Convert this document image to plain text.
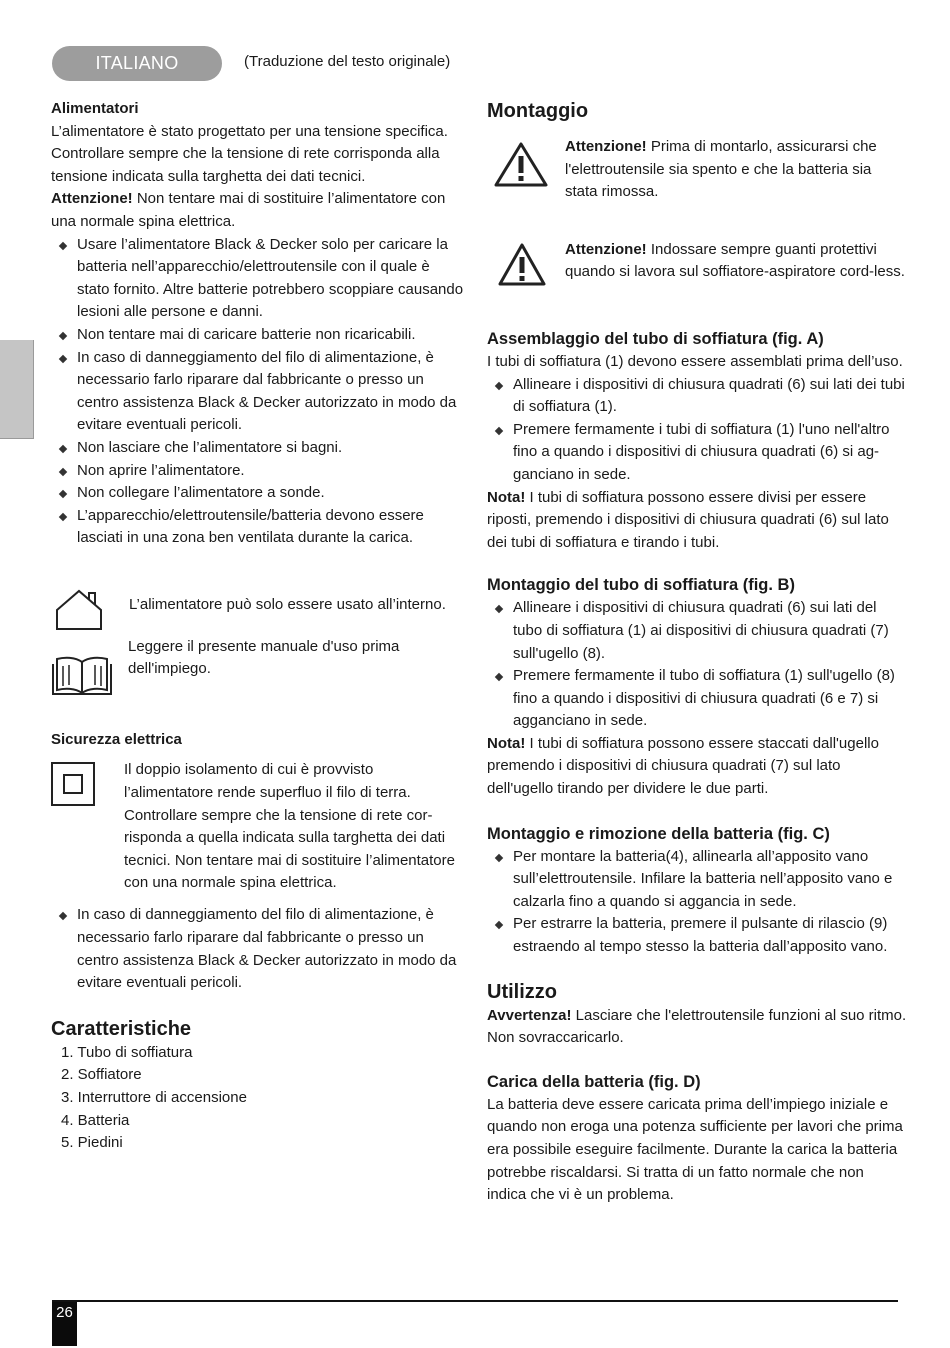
ITALIANO	(Traduzione del testo originale)

Alimentatori

L’alimentatore è stato progettato per una tensione specifica. Controllare sempre che la tensione di rete corrisponda alla tensione indicata sulla targhetta dei dati tecnici.

Attenzione! Non tentare mai di sostituire l’alimentatore con una normale spina elettrica.

Usare l’alimentatore Black & Decker solo per caricare la batteria nell’apparecchio/elettroutensile con il quale è stato fornito. Altre batterie potrebbero scoppiare causando lesioni alle persone e danni.
Non tentare mai di caricare batterie non ricaricabili.
In caso di danneggiamento del filo di alimentazione, è necessario farlo riparare dal fabbricante o presso un centro assistenza Black & Decker autorizzato in modo da evitare eventuali pericoli.
Non lasciare che l’alimentatore si bagni.
Non aprire l’alimentatore.
Non collegare l’alimentatore a sonde.
L’apparecchio/elettroutensile/batteria devono essere lasciati in una zona ben ventilata durante la carica.

L’alimentatore può solo essere usato all’interno.

Leggere il presente manuale d'uso prima dell'impiego.

Sicurezza elettrica

Il doppio isolamento di cui è provvisto l’alimentatore rende superfluo il filo di terra. Controllare sempre che la tensione di rete cor-risponda a quella indicata sulla targhetta dei dati tecnici. Non tentare mai di sostituire l’alimentatore con una normale spina elettrica.

In caso di danneggiamento del filo di alimentazione, è necessario farlo riparare dal fabbricante o presso un centro assistenza Black & Decker autorizzato in modo da evitare eventuali pericoli.

Caratteristiche

1. Tubo di soffiatura
2. Soffiatore
3. Interruttore di accensione
4. Batteria
5. Piedini

Montaggio

Attenzione! Prima di montarlo, assicurarsi che l'elettroutensile sia spento e che la batteria sia stata rimossa.

Attenzione! Indossare sempre guanti protettivi quando si lavora sul soffiatore-aspiratore cord-less.

Assemblaggio del tubo di soffiatura (fig. A)

I tubi di soffiatura (1) devono essere assemblati prima dell’uso.

Allineare i dispositivi di chiusura quadrati (6) sui lati dei tubi di soffiatura (1).
Premere fermamente i tubi di soffiatura (1) l'uno nell'altro fino a quando i dispositivi di chiusura quadrati (6) si ag-ganciano in sede.

Nota! I tubi di soffiatura possono essere divisi per essere riposti, premendo i dispositivi di chiusura quadrati (6) sul lato dei tubi di soffiatura e tirando i tubi.

Montaggio del tubo di soffiatura (fig. B)

Allineare i dispositivi di chiusura quadrati (6) sui lati del tubo di soffiatura (1) ai dispositivi di chiusura quadrati (7) sull'ugello (8).
Premere fermamente il tubo di soffiatura (1) sull'ugello (8) fino a quando i dispositivi di chiusura quadrati (6 e 7) si agganciano in sede.

Nota! I tubi di soffiatura possono essere staccati dall'ugello premendo i dispositivi di chiusura quadrati (7) sul lato dell'ugello tirando per dividere le due parti.

Montaggio e rimozione della batteria (fig. C)

Per montare la batteria(4), allinearla all’apposito vano sull’elettroutensile. Infilare la batteria nell’apposito vano e calzarla fino a quando si aggancia in sede.
Per estrarre la batteria, premere il pulsante di rilascio (9) estraendo al tempo stesso la batteria dall’apposito vano.

Utilizzo

Avvertenza! Lasciare che l'elettroutensile funzioni al suo ritmo. Non sovraccaricarlo.

Carica della batteria (fig. D)

La batteria deve essere caricata prima dell’impiego iniziale e quando non eroga una potenza sufficiente per lavori che prima era possibile eseguire facilmente. Durante la carica la batteria potrebbe riscaldarsi. Si tratta di un fatto normale che non indica che vi è un problema.

26
